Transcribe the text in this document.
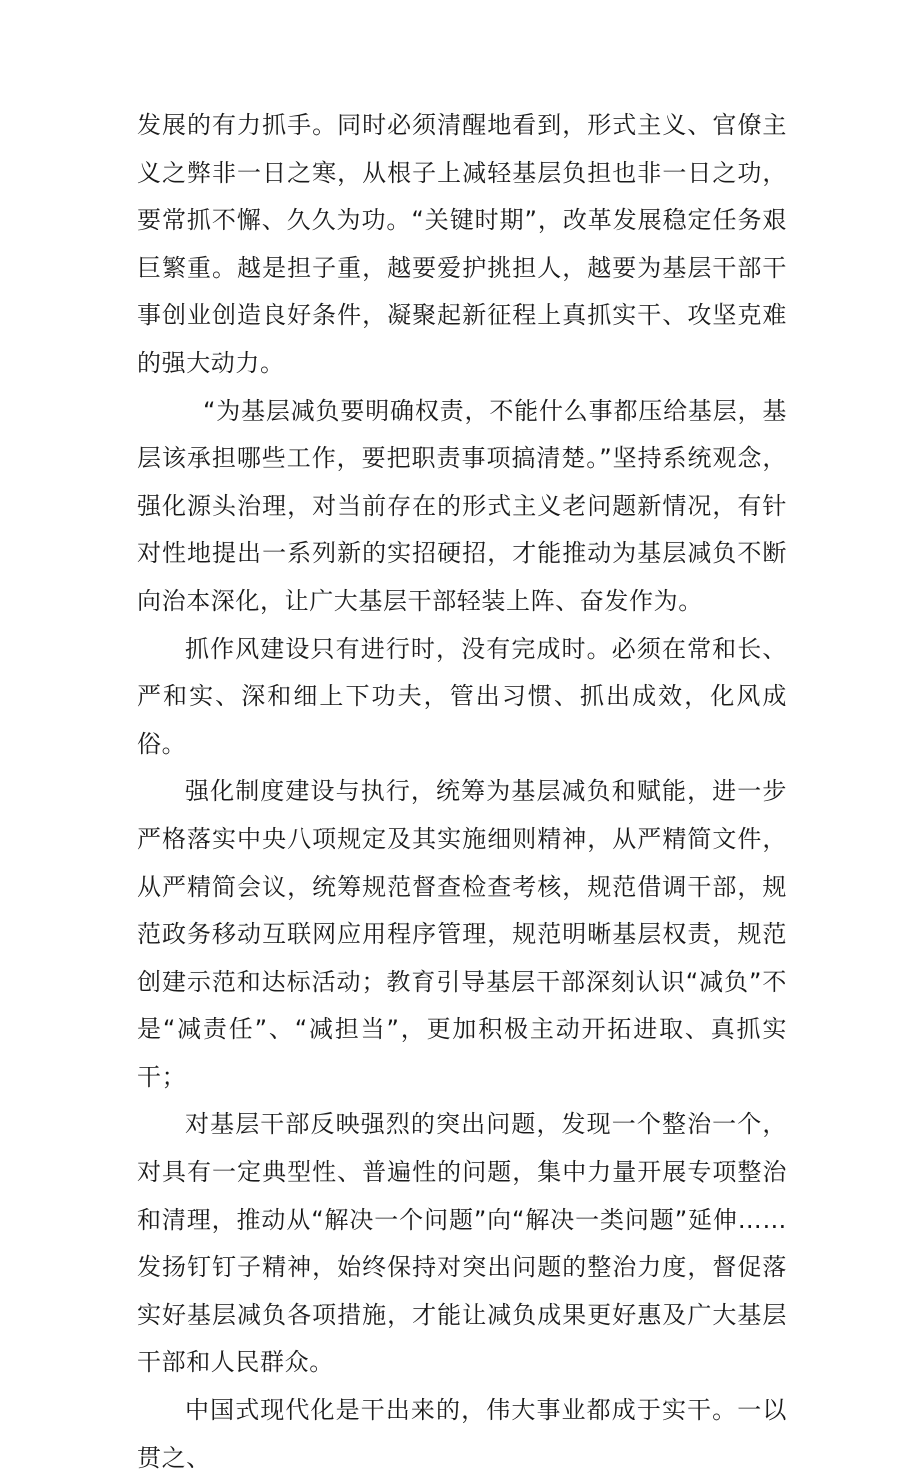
发展的有力抓手。同时必须清醒地看到，形式主义、官僚主义之弊非一日之寒，从根子上减轻基层负担也非一日之功，要常抓不懈、久久为功。“关键时期”，改革发展稳定任务艰巨繁重。越是担子重，越要爱护挑担人，越要为基层干部干事创业创造良好条件，凝聚起新征程上真抓实干、攻坚克难的强大动力。

“为基层减负要明确权责，不能什么事都压给基层，基层该承担哪些工作，要把职责事项搞清楚。”坚持系统观念，强化源头治理，对当前存在的形式主义老问题新情况，有针对性地提出一系列新的实招硬招，才能推动为基层减负不断向治本深化，让广大基层干部轻装上阵、奋发作为。

抓作风建设只有进行时，没有完成时。必须在常和长、严和实、深和细上下功夫，管出习惯、抓出成效，化风成俗。

强化制度建设与执行，统筹为基层减负和赋能，进一步严格落实中央八项规定及其实施细则精神，从严精简文件，从严精简会议，统筹规范督查检查考核，规范借调干部，规范政务移动互联网应用程序管理，规范明晰基层权责，规范创建示范和达标活动；教育引导基层干部深刻认识“减负”不是“减责任”、“减担当”，更加积极主动开拓进取、真抓实干；

对基层干部反映强烈的突出问题，发现一个整治一个，对具有一定典型性、普遍性的问题，集中力量开展专项整治和清理，推动从“解决一个问题”向“解决一类问题”延伸……发扬钉钉子精神，始终保持对突出问题的整治力度，督促落实好基层减负各项措施，才能让减负成果更好惠及广大基层干部和人民群众。

中国式现代化是干出来的，伟大事业都成于实干。一以贯之、
